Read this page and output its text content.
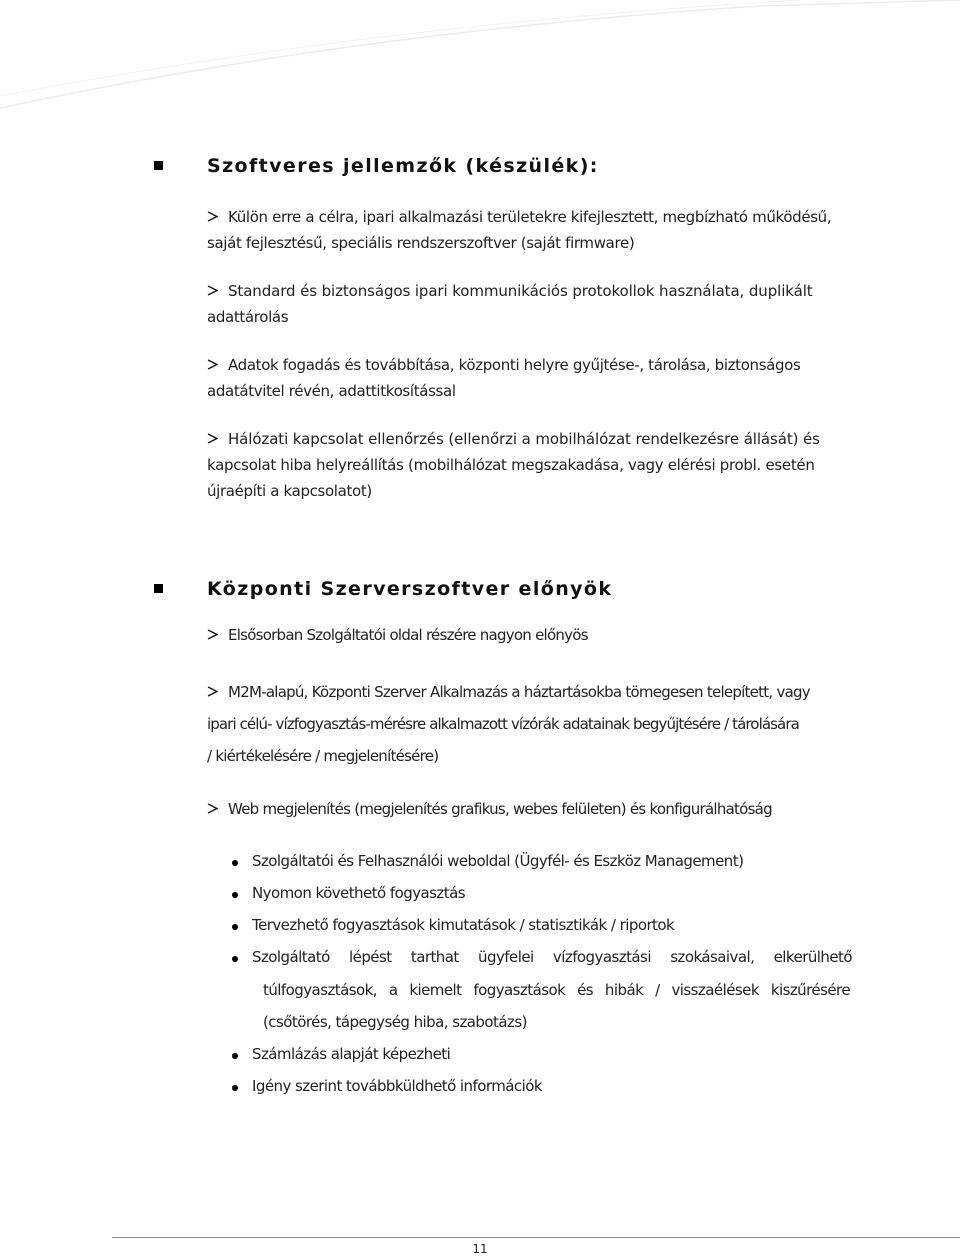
Szoftveres jellemzők (készülék):
Külön erre a célra, ipari alkalmazási területekre kifejlesztett, megbízható működésű,
saját fejlesztésű, speciális rendszerszoftver (saját firmware)
Standard és biztonságos ipari kommunikációs protokollok használata, duplikált
adattárolás
Adatok fogadás és továbbítása, központi helyre gyűjtése-, tárolása, biztonságos
adatátvitel révén, adattitkosítással
Hálózati kapcsolat ellenőrzés (ellenőrzi a mobilhálózat rendelkezésre állását) és
kapcsolat hiba helyreállítás (mobilhálózat megszakadása, vagy elérési probl. esetén
újraépíti a kapcsolatot)
Központi Szerverszoftver előnyök
Elsősorban Szolgáltatói oldal részére nagyon előnyös
M2M-alapú, Központi Szerver Alkalmazás a háztartásokba tömegesen telepített, vagy
ipari célú- vízfogyasztás-mérésre alkalmazott vízórák adatainak begyűjtésére / tárolására
/ kiértékelésére / megjelenítésére)
Web megjelenítés (megjelenítés grafikus, webes felületen) és konfigurálhatóság
Szolgáltatói és Felhasználói weboldal (Ügyfél- és Eszköz Management)
Nyomon követhető fogyasztás
Tervezhető fogyasztások kimutatások / statisztikák / riportok
Szolgáltató lépést tarthat ügyfelei vízfogyasztási szokásaival, elkerülhető
túlfogyasztások, a kiemelt fogyasztások és hibák / visszaélések kiszűrésére
(csőtörés, tápegység hiba, szabotázs)
Számlázás alapját képezheti
Igény szerint továbbküldhető információk
11
